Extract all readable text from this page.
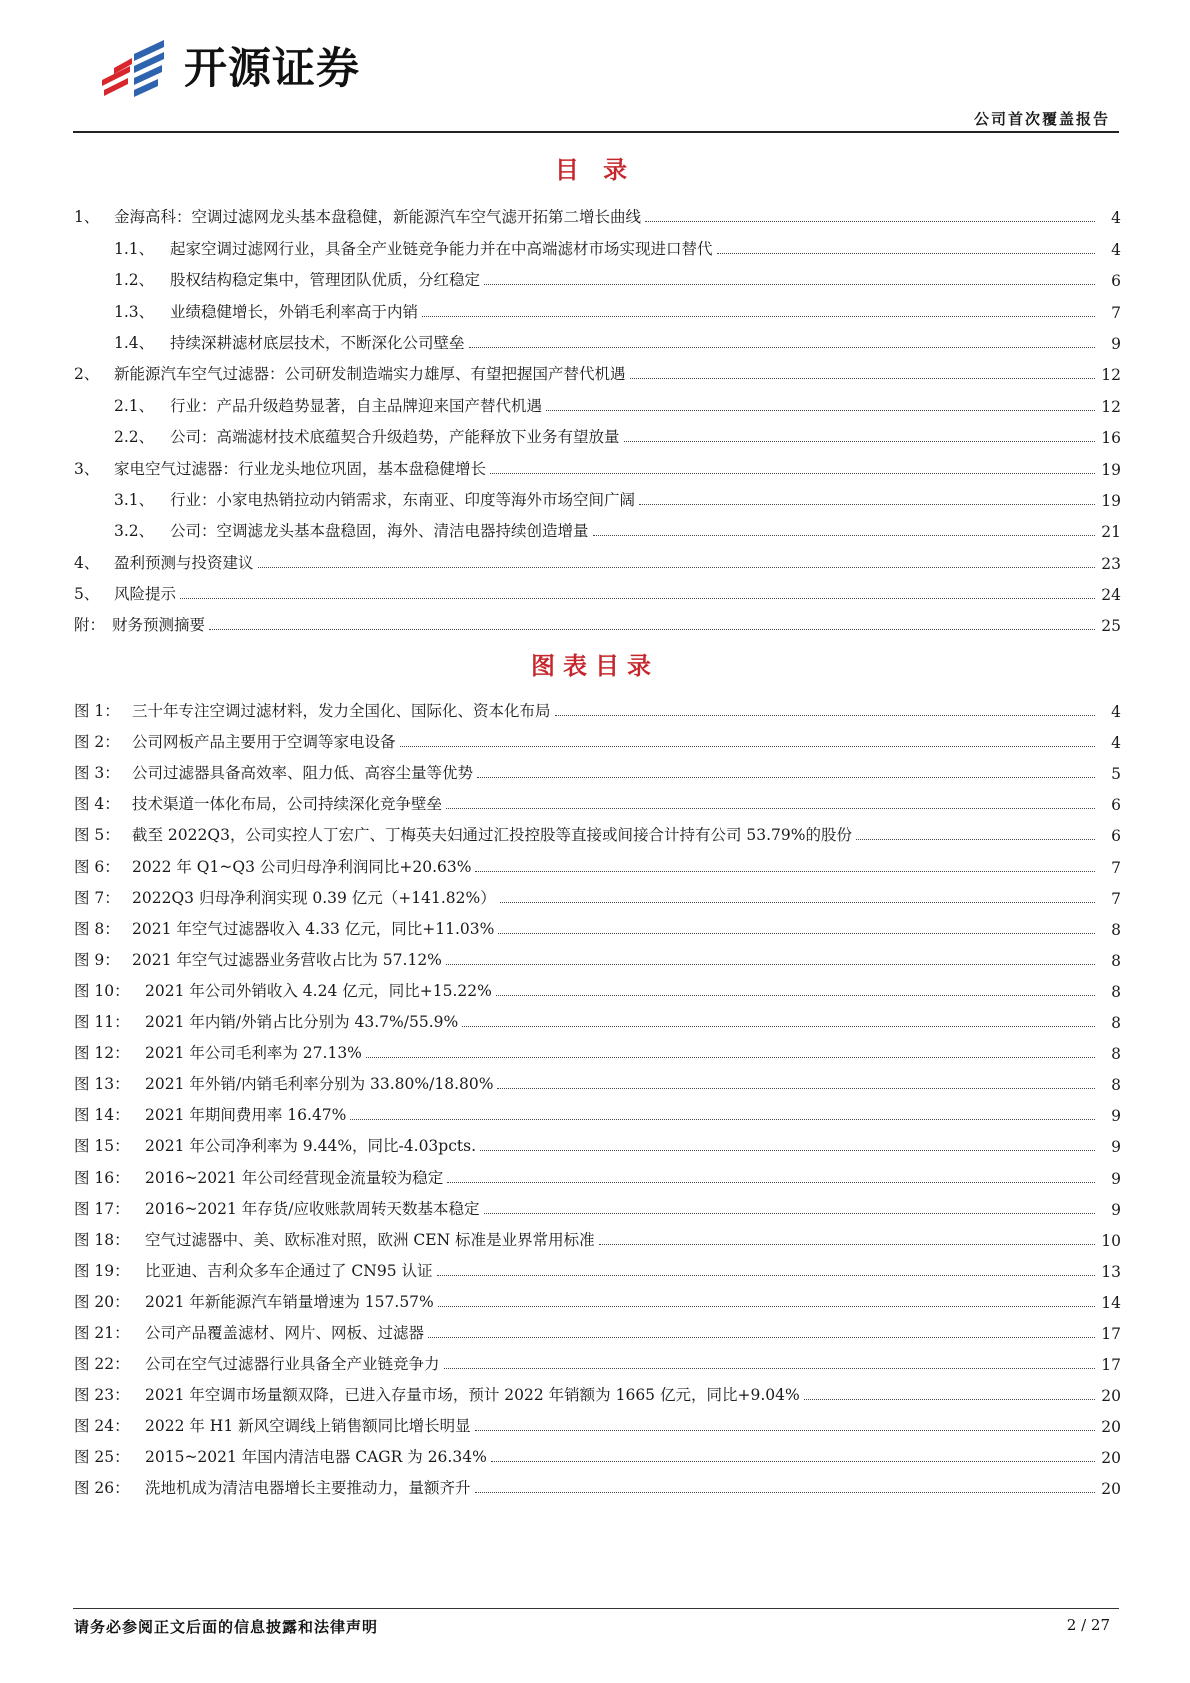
开源证券
公司首次覆盖报告
目 录
1、 金海高科：空调过滤网龙头基本盘稳健，新能源汽车空气滤开拓第二增长曲线	4
1.1、	起家空调过滤网行业，具备全产业链竞争能力并在中高端滤材市场实现进口替代	4
1.2、	股权结构稳定集中，管理团队优质，分红稳定	6
1.3、	业绩稳健增长，外销毛利率高于内销	7
1.4、	持续深耕滤材底层技术，不断深化公司壁垒	9
2、 新能源汽车空气过滤器：公司研发制造端实力雄厚、有望把握国产替代机遇	12
2.1、	行业：产品升级趋势显著，自主品牌迎来国产替代机遇	12
2.2、	公司：高端滤材技术底蕴契合升级趋势，产能释放下业务有望放量	16
3、 家电空气过滤器：行业龙头地位巩固，基本盘稳健增长	19
3.1、	行业：小家电热销拉动内销需求，东南亚、印度等海外市场空间广阔	19
3.2、	公司：空调滤龙头基本盘稳固，海外、清洁电器持续创造增量	21
4、 盈利预测与投资建议	23
5、 风险提示	24
附： 财务预测摘要	25
图表目录
图 1： 三十年专注空调过滤材料，发力全国化、国际化、资本化布局	4
图 2： 公司网板产品主要用于空调等家电设备	4
图 3： 公司过滤器具备高效率、阻力低、高容尘量等优势	5
图 4： 技术渠道一体化布局，公司持续深化竞争壁垒	6
图 5： 截至 2022Q3，公司实控人丁宏广、丁梅英夫妇通过汇投控股等直接或间接合计持有公司 53.79%的股份	6
图 6： 2022 年 Q1~Q3 公司归母净利润同比+20.63%	7
图 7： 2022Q3 归母净利润实现 0.39 亿元（+141.82%）	7
图 8： 2021 年空气过滤器收入 4.33 亿元，同比+11.03%	8
图 9： 2021 年空气过滤器业务营收占比为 57.12%	8
图 10： 2021 年公司外销收入 4.24 亿元，同比+15.22%	8
图 11： 2021 年内销/外销占比分别为 43.7%/55.9%	8
图 12： 2021 年公司毛利率为 27.13%	8
图 13： 2021 年外销/内销毛利率分别为 33.80%/18.80%	8
图 14： 2021 年期间费用率 16.47%	9
图 15： 2021 年公司净利率为 9.44%，同比-4.03pcts.	9
图 16： 2016~2021 年公司经营现金流量较为稳定	9
图 17： 2016~2021 年存货/应收账款周转天数基本稳定	9
图 18： 空气过滤器中、美、欧标准对照，欧洲 CEN 标准是业界常用标准	10
图 19： 比亚迪、吉利众多车企通过了 CN95 认证	13
图 20： 2021 年新能源汽车销量增速为 157.57%	14
图 21： 公司产品覆盖滤材、网片、网板、过滤器	17
图 22： 公司在空气过滤器行业具备全产业链竞争力	17
图 23： 2021 年空调市场量额双降，已进入存量市场，预计 2022 年销额为 1665 亿元，同比+9.04%	20
图 24： 2022 年 H1 新风空调线上销售额同比增长明显	20
图 25： 2015~2021 年国内清洁电器 CAGR 为 26.34%	20
图 26： 洗地机成为清洁电器增长主要推动力，量额齐升	20
请务必参阅正文后面的信息披露和法律声明	2 / 27
